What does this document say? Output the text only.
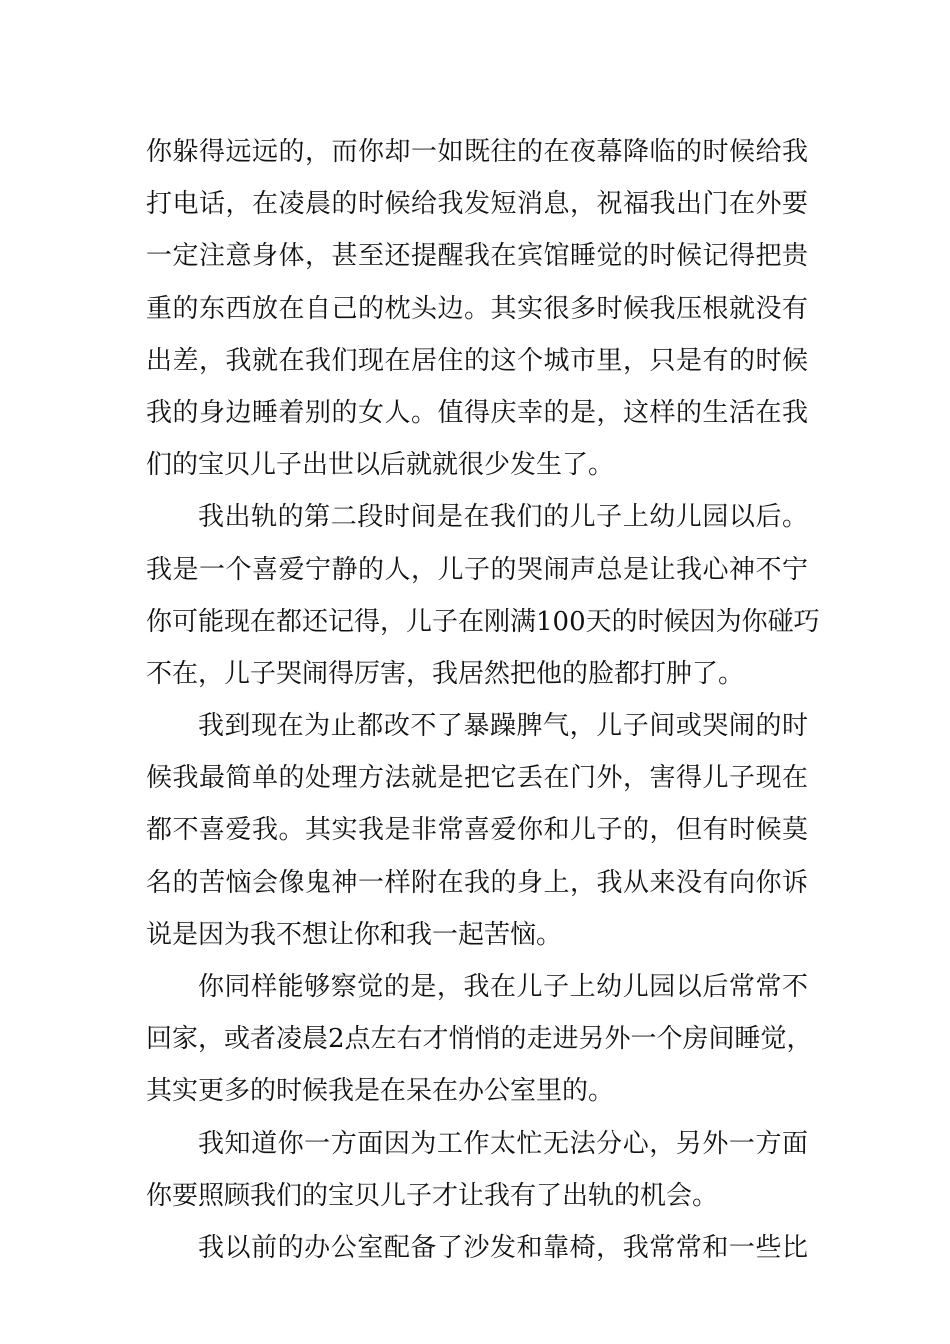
你躲得远远的，而你却一如既往的在夜幕降临的时候给我
打电话，在凌晨的时候给我发短消息，祝福我出门在外要
一定注意身体，甚至还提醒我在宾馆睡觉的时候记得把贵
重的东西放在自己的枕头边。其实很多时候我压根就没有
出差，我就在我们现在居住的这个城市里，只是有的时候
我的身边睡着别的女人。值得庆幸的是，这样的生活在我
们的宝贝儿子出世以后就就很少发生了。
我出轨的第二段时间是在我们的儿子上幼儿园以后。
我是一个喜爱宁静的人，儿子的哭闹声总是让我心神不宁
你可能现在都还记得，儿子在刚满100天的时候因为你碰巧
不在，儿子哭闹得厉害，我居然把他的脸都打肿了。
我到现在为止都改不了暴躁脾气，儿子间或哭闹的时
候我最简单的处理方法就是把它丢在门外，害得儿子现在
都不喜爱我。其实我是非常喜爱你和儿子的，但有时候莫
名的苦恼会像鬼神一样附在我的身上，我从来没有向你诉
说是因为我不想让你和我一起苦恼。
你同样能够察觉的是，我在儿子上幼儿园以后常常不
回家，或者凌晨2点左右才悄悄的走进另外一个房间睡觉，
其实更多的时候我是在呆在办公室里的。
我知道你一方面因为工作太忙无法分心，另外一方面
你要照顾我们的宝贝儿子才让我有了出轨的机会。
我以前的办公室配备了沙发和靠椅，我常常和一些比
